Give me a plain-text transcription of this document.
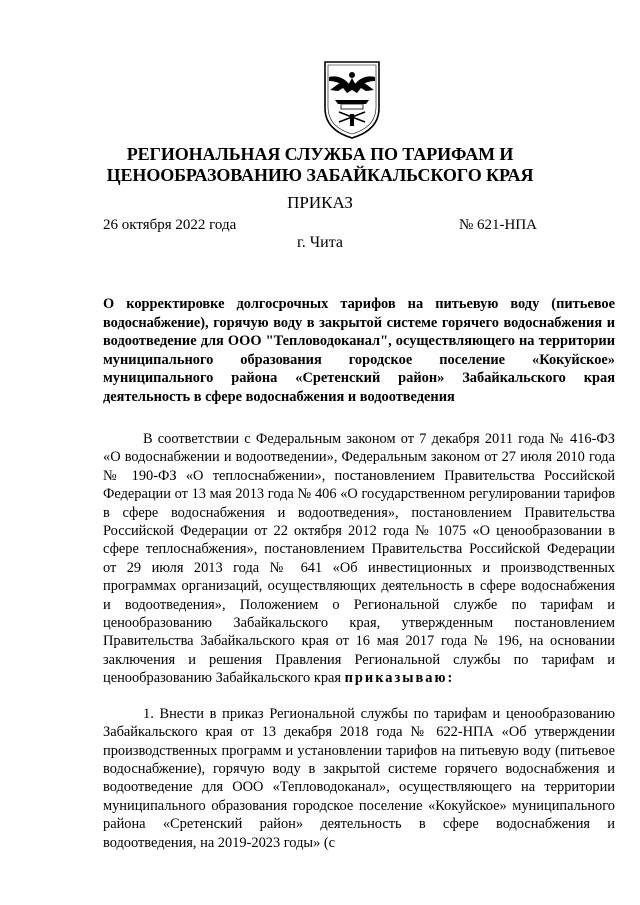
РЕГИОНАЛЬНАЯ СЛУЖБА ПО ТАРИФАМ И ЦЕНООБРАЗОВАНИЮ ЗАБАЙКАЛЬСКОГО КРАЯ
ПРИКАЗ
26 октября 2022 года	№ 621-НПА
г. Чита

О корректировке долгосрочных тарифов на питьевую воду (питьевое водоснабжение), горячую воду в закрытой системе горячего водоснабжения и водоотведение для ООО "Тепловодоканал", осуществляющего на территории муниципального образования городское поселение «Кокуйское» муниципального района «Сретенский район» Забайкальского края деятельность в сфере водоснабжения и водоотведения

В соответствии с Федеральным законом от 7 декабря 2011 года № 416-ФЗ «О водоснабжении и водоотведении», Федеральным законом от 27 июля 2010 года № 190-ФЗ «О теплоснабжении», постановлением Правительства Российской Федерации от 13 мая 2013 года № 406 «О государственном регулировании тарифов в сфере водоснабжения и водоотведения», постановлением Правительства Российской Федерации от 22 октября 2012 года № 1075 «О ценообразовании в сфере теплоснабжения», постановлением Правительства Российской Федерации от 29 июля 2013 года № 641 «Об инвестиционных и производственных программах организаций, осуществляющих деятельность в сфере водоснабжения и водоотведения», Положением о Региональной службе по тарифам и ценообразованию Забайкальского края, утвержденным постановлением Правительства Забайкальского края от 16 мая 2017 года № 196, на основании заключения и решения Правления Региональной службы по тарифам и ценообразованию Забайкальского края приказываю:

1. Внести в приказ Региональной службы по тарифам и ценообразованию Забайкальского края от 13 декабря 2018 года № 622-НПА «Об утверждении производственных программ и установлении тарифов на питьевую воду (питьевое водоснабжение), горячую воду в закрытой системе горячего водоснабжения и водоотведение для ООО «Тепловодоканал», осуществляющего на территории муниципального образования городское поселение «Кокуйское» муниципального района «Сретенский район» деятельность в сфере водоснабжения и водоотведения, на 2019-2023 годы» (с
